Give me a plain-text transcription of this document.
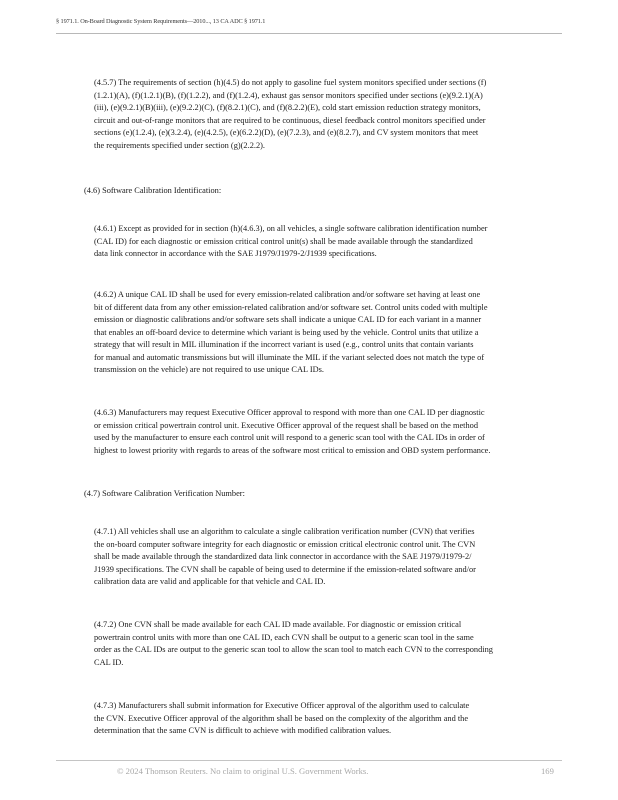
§ 1971.1. On-Board Diagnostic System Requirements—2010..., 13 CA ADC § 1971.1
(4.5.7) The requirements of section (h)(4.5) do not apply to gasoline fuel system monitors specified under sections (f)
(1.2.1)(A), (f)(1.2.1)(B), (f)(1.2.2), and (f)(1.2.4), exhaust gas sensor monitors specified under sections (e)(9.2.1)(A)
(iii), (e)(9.2.1)(B)(iii), (e)(9.2.2)(C), (f)(8.2.1)(C), and (f)(8.2.2)(E), cold start emission reduction strategy monitors,
circuit and out-of-range monitors that are required to be continuous, diesel feedback control monitors specified under
sections (e)(1.2.4), (e)(3.2.4), (e)(4.2.5), (e)(6.2.2)(D), (e)(7.2.3), and (e)(8.2.7), and CV system monitors that meet
the requirements specified under section (g)(2.2.2).
(4.6) Software Calibration Identification:
(4.6.1) Except as provided for in section (h)(4.6.3), on all vehicles, a single software calibration identification number
(CAL ID) for each diagnostic or emission critical control unit(s) shall be made available through the standardized
data link connector in accordance with the SAE J1979/J1979-2/J1939 specifications.
(4.6.2) A unique CAL ID shall be used for every emission-related calibration and/or software set having at least one
bit of different data from any other emission-related calibration and/or software set. Control units coded with multiple
emission or diagnostic calibrations and/or software sets shall indicate a unique CAL ID for each variant in a manner
that enables an off-board device to determine which variant is being used by the vehicle. Control units that utilize a
strategy that will result in MIL illumination if the incorrect variant is used (e.g., control units that contain variants
for manual and automatic transmissions but will illuminate the MIL if the variant selected does not match the type of
transmission on the vehicle) are not required to use unique CAL IDs.
(4.6.3) Manufacturers may request Executive Officer approval to respond with more than one CAL ID per diagnostic
or emission critical powertrain control unit. Executive Officer approval of the request shall be based on the method
used by the manufacturer to ensure each control unit will respond to a generic scan tool with the CAL IDs in order of
highest to lowest priority with regards to areas of the software most critical to emission and OBD system performance.
(4.7) Software Calibration Verification Number:
(4.7.1) All vehicles shall use an algorithm to calculate a single calibration verification number (CVN) that verifies
the on-board computer software integrity for each diagnostic or emission critical electronic control unit. The CVN
shall be made available through the standardized data link connector in accordance with the SAE J1979/J1979-2/
J1939 specifications. The CVN shall be capable of being used to determine if the emission-related software and/or
calibration data are valid and applicable for that vehicle and CAL ID.
(4.7.2) One CVN shall be made available for each CAL ID made available. For diagnostic or emission critical
powertrain control units with more than one CAL ID, each CVN shall be output to a generic scan tool in the same
order as the CAL IDs are output to the generic scan tool to allow the scan tool to match each CVN to the corresponding
CAL ID.
(4.7.3) Manufacturers shall submit information for Executive Officer approval of the algorithm used to calculate
the CVN. Executive Officer approval of the algorithm shall be based on the complexity of the algorithm and the
determination that the same CVN is difficult to achieve with modified calibration values.
© 2024 Thomson Reuters. No claim to original U.S. Government Works.	169
